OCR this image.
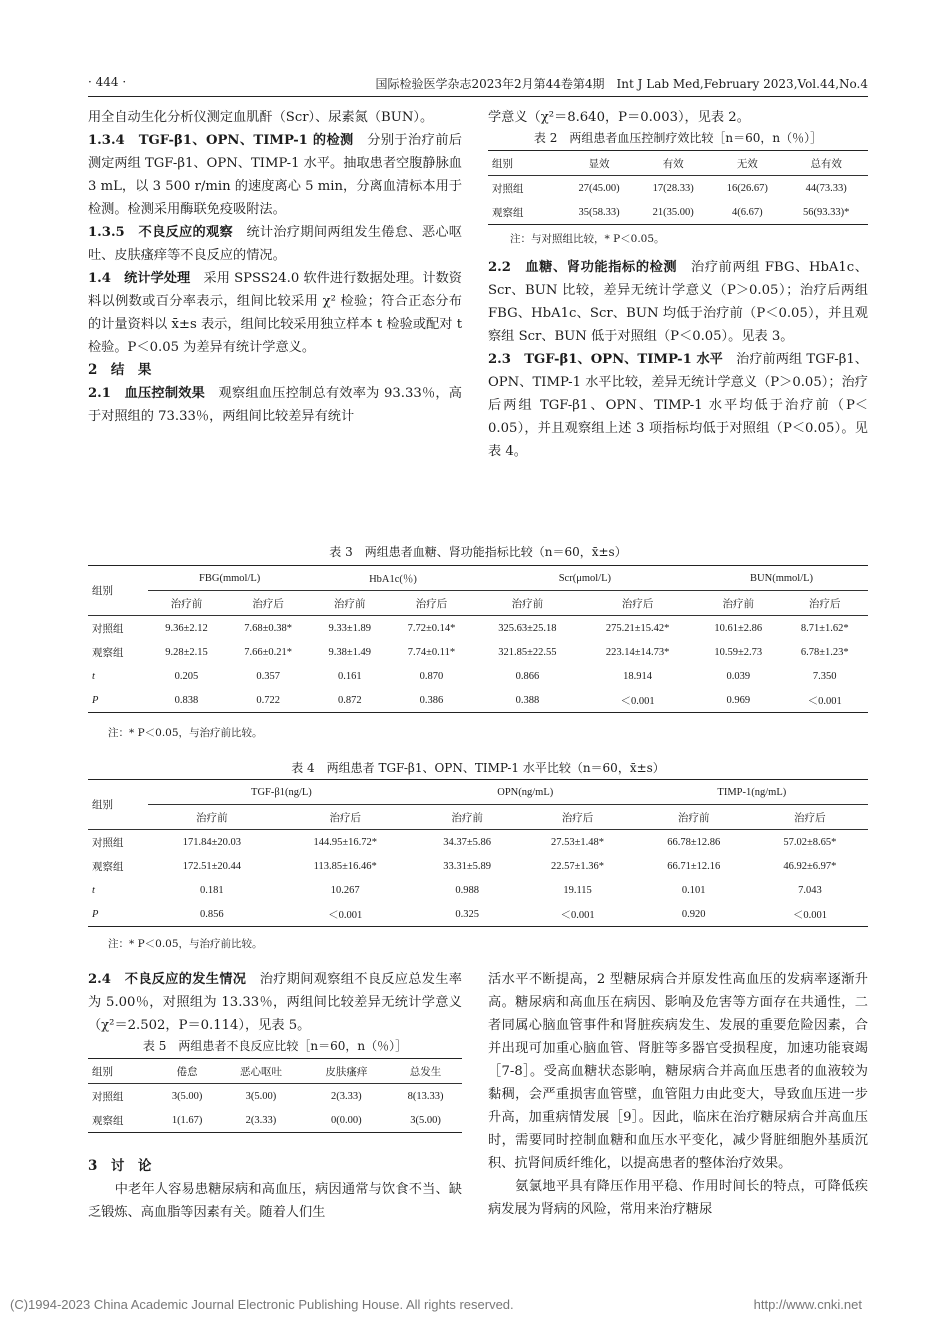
· 444 ·	国际检验医学杂志2023年2月第44卷第4期　Int J Lab Med,February 2023,Vol.44,No.4

用全自动生化分析仪测定血肌酐（Scr）、尿素氮（BUN）。

1.3.4　TGF-β1、OPN、TIMP-1 的检测　分别于治疗前后测定两组 TGF-β1、OPN、TIMP-1 水平。抽取患者空腹静脉血 3 mL，以 3 500 r/min 的速度离心 5 min，分离血清标本用于检测。检测采用酶联免疫吸附法。

1.3.5　不良反应的观察　统计治疗期间两组发生倦怠、恶心呕吐、皮肤瘙痒等不良反应的情况。

1.4　统计学处理　采用 SPSS24.0 软件进行数据处理。计数资料以例数或百分率表示，组间比较采用 χ² 检验；符合正态分布的计量资料以 x̄±s 表示，组间比较采用独立样本 t 检验或配对 t 检验。P＜0.05 为差异有统计学意义。

2　结　果

2.1　血压控制效果　观察组血压控制总有效率为 93.33％，高于对照组的 73.33％，两组间比较差异有统计

学意义（χ²＝8.640，P＝0.003），见表 2。

表 2　两组患者血压控制疗效比较［n＝60，n（％）］
组别	显效	有效	无效	总有效
对照组	27(45.00)	17(28.33)	16(26.67)	44(73.33)
观察组	35(58.33)	21(35.00)	4(6.67)	56(93.33)*
注：与对照组比较，* P＜0.05。

2.2　血糖、肾功能指标的检测　治疗前两组 FBG、HbA1c、Scr、BUN 比较，差异无统计学意义（P＞0.05）；治疗后两组 FBG、HbA1c、Scr、BUN 均低于治疗前（P＜0.05），并且观察组 Scr、BUN 低于对照组（P＜0.05）。见表 3。

2.3　TGF-β1、OPN、TIMP-1 水平　治疗前两组 TGF-β1、OPN、TIMP-1 水平比较，差异无统计学意义（P＞0.05）；治疗后两组 TGF-β1、OPN、TIMP-1 水平均低于治疗前（P＜0.05），并且观察组上述 3 项指标均低于对照组（P＜0.05）。见表 4。

表 3　两组患者血糖、肾功能指标比较（n＝60，x̄±s）
组别	FBG(mmol/L)		HbA1c(％)		Scr(μmol/L)		BUN(mmol/L)	
	治疗前	治疗后	治疗前	治疗后	治疗前	治疗后	治疗前	治疗后
对照组	9.36±2.12	7.68±0.38*	9.33±1.89	7.72±0.14*	325.63±25.18	275.21±15.42*	10.61±2.86	8.71±1.62*
观察组	9.28±2.15	7.66±0.21*	9.38±1.49	7.74±0.11*	321.85±22.55	223.14±14.73*	10.59±2.73	6.78±1.23*
t	0.205	0.357	0.161	0.870	0.866	18.914	0.039	7.350
P	0.838	0.722	0.872	0.386	0.388	＜0.001	0.969	＜0.001
注：* P＜0.05，与治疗前比较。
表 4　两组患者 TGF-β1、OPN、TIMP-1 水平比较（n＝60，x̄±s）
组别	TGF-β1(ng/L)		OPN(ng/mL)		TIMP-1(ng/mL)	
	治疗前	治疗后	治疗前	治疗后	治疗前	治疗后
对照组	171.84±20.03	144.95±16.72*	34.37±5.86	27.53±1.48*	66.78±12.86	57.02±8.65*
观察组	172.51±20.44	113.85±16.46*	33.31±5.89	22.57±1.36*	66.71±12.16	46.92±6.97*
t	0.181	10.267	0.988	19.115	0.101	7.043
P	0.856	＜0.001	0.325	＜0.001	0.920	＜0.001
注：* P＜0.05，与治疗前比较。

2.4　不良反应的发生情况　治疗期间观察组不良反应总发生率为 5.00％，对照组为 13.33％，两组间比较差异无统计学意义（χ²＝2.502，P＝0.114），见表 5。

表 5　两组患者不良反应比较［n＝60，n（％）］
组别	倦怠	恶心呕吐	皮肤瘙痒	总发生
对照组	3(5.00)	3(5.00)	2(3.33)	8(13.33)
观察组	1(1.67)	2(3.33)	0(0.00)	3(5.00)

3　讨　论

　　中老年人容易患糖尿病和高血压，病因通常与饮食不当、缺乏锻炼、高血脂等因素有关。随着人们生

活水平不断提高，2 型糖尿病合并原发性高血压的发病率逐渐升高。糖尿病和高血压在病因、影响及危害等方面存在共通性，二者同属心脑血管事件和肾脏疾病发生、发展的重要危险因素，合并出现可加重心脑血管、肾脏等多器官受损程度，加速功能衰竭［7-8］。受高血糖状态影响，糖尿病合并高血压患者的血液较为黏稠，会严重损害血管壁，血管阻力由此变大，导致血压进一步升高，加重病情发展［9］。因此，临床在治疗糖尿病合并高血压时，需要同时控制血糖和血压水平变化，减少肾脏细胞外基质沉积、抗肾间质纤维化，以提高患者的整体治疗效果。

　　氨氯地平具有降压作用平稳、作用时间长的特点，可降低疾病发展为肾病的风险，常用来治疗糖尿

(C)1994-2023 China Academic Journal Electronic Publishing House. All rights reserved.	http://www.cnki.net
